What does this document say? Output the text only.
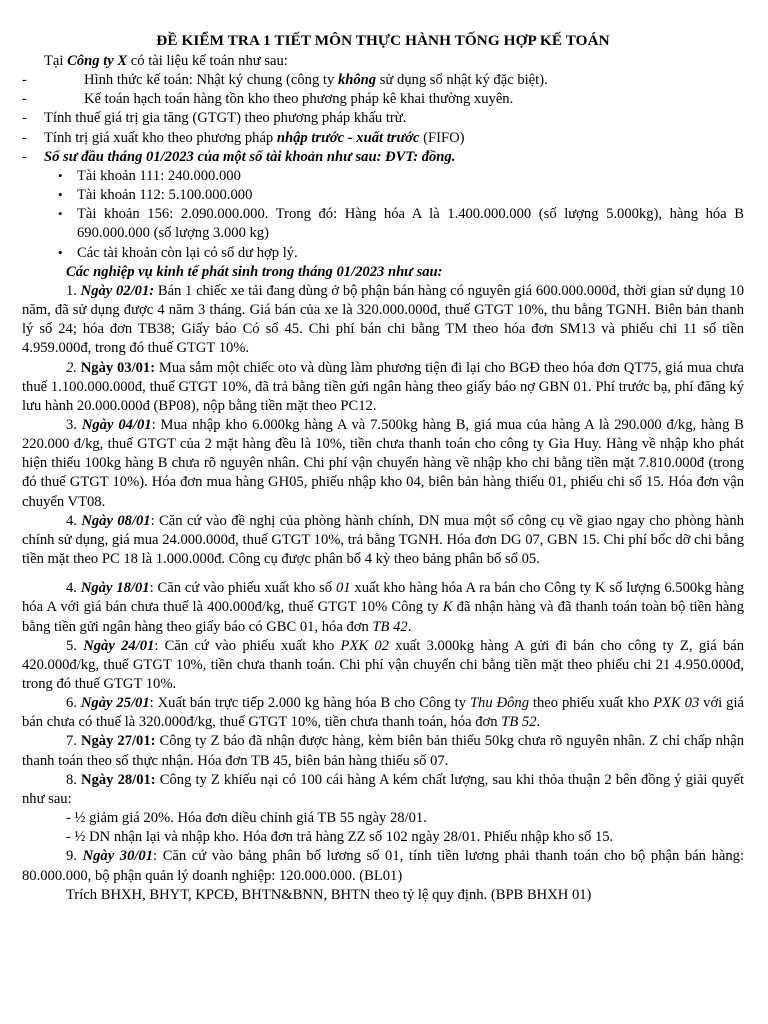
ĐỀ KIỂM TRA 1 TIẾT MÔN THỰC HÀNH TỐNG HỢP KẾ TOÁN

Tại Công ty X có tài liệu kế toán như sau:

-	Hình thức kế toán: Nhật ký chung (công ty không sử dụng sổ nhật ký đặc biệt).

-	Kế toán hạch toán hàng tồn kho theo phương pháp kê khai thường xuyên.

- Tính thuế giá trị gia tăng (GTGT) theo phương pháp khấu trừ.

- Tính trị giá xuất kho theo phương pháp nhập trước - xuất trước (FIFO)

- Số sư đầu tháng 01/2023 của một số tài khoản như sau: ĐVT: đồng.

• Tài khoản 111: 240.000.000

• Tài khoản 112: 5.100.000.000

• Tài khoản 156: 2.090.000.000. Trong đó: Hàng hóa A là 1.400.000.000 (số lượng 5.000kg), hàng hóa B 690.000.000 (số lượng 3.000 kg)

• Các tài khoản còn lại có số dư hợp lý.

Các nghiệp vụ kinh tế phát sinh trong tháng 01/2023 như sau:

1. Ngày 02/01: Bán 1 chiếc xe tải đang dùng ở bộ phận bán hàng có nguyên giá 600.000.000đ, thời gian sử dụng 10 năm, đã sử dụng được 4 năm 3 tháng. Giá bán của xe là 320.000.000đ, thuế GTGT 10%, thu bằng TGNH. Biên bản thanh lý số 24; hóa đơn TB38; Giấy báo Có số 45. Chi phí bán chi bằng TM theo hóa đơn SM13 và phiếu chi 11 số tiền 4.959.000đ, trong đó thuế GTGT 10%.

2. Ngày 03/01: Mua sắm một chiếc oto và dùng làm phương tiện đi lại cho BGĐ theo hóa đơn QT75, giá mua chưa thuế 1.100.000.000đ, thuế GTGT 10%, đã trả bằng tiền gửi ngân hàng theo giấy báo nợ GBN 01. Phí trước bạ, phí đăng ký lưu hành 20.000.000đ (BP08), nộp bằng tiền mặt theo PC12.

3. Ngày 04/01: Mua nhập kho 6.000kg hàng A và 7.500kg hàng B, giá mua của hàng A là 290.000 đ/kg, hàng B 220.000 đ/kg, thuế GTGT của 2 mặt hàng đều là 10%, tiền chưa thanh toán cho công ty Gia Huy. Hàng về nhập kho phát hiện thiếu 100kg hàng B chưa rõ nguyên nhân. Chi phí vận chuyển hàng về nhập kho chi bằng tiền mặt 7.810.000đ (trong đó thuế GTGT 10%). Hóa đơn mua hàng GH05, phiếu nhập kho 04, biên bản hàng thiếu 01, phiếu chi số 15. Hóa đơn vận chuyển VT08.

4. Ngày 08/01: Căn cứ vào đề nghị của phòng hành chính, DN mua một số công cụ về giao ngay cho phòng hành chính sử dụng, giá mua 24.000.000đ, thuế GTGT 10%, trả bằng TGNH. Hóa đơn DG 07, GBN 15. Chi phí bốc dỡ chi bằng tiền mặt theo PC 18 là 1.000.000đ. Công cụ được phân bổ 4 kỳ theo bảng phân bố số 05.

4. Ngày 18/01: Căn cứ vào phiếu xuất kho số 01 xuất kho hàng hóa A ra bán cho Công ty K số lượng 6.500kg hàng hóa A với giá bán chưa thuế là 400.000đ/kg, thuế GTGT 10% Công ty K đã nhận hàng và đã thanh toán toàn bộ tiền hàng bằng tiền gửi ngân hàng theo giấy báo có GBC 01, hóa đơn TB 42.

5. Ngày 24/01: Căn cứ vào phiếu xuất kho PXK 02 xuất 3.000kg hàng A gửi đi bán cho công ty Z, giá bán 420.000đ/kg, thuế GTGT 10%, tiền chưa thanh toán. Chi phí vận chuyển chi bằng tiền mặt theo phiếu chi 21 4.950.000đ, trong đó thuế GTGT 10%.

6. Ngày 25/01: Xuất bán trực tiếp 2.000 kg hàng hóa B cho Công ty Thu Đông theo phiếu xuất kho PXK 03 với giá bán chưa có thuế là 320.000đ/kg, thuế GTGT 10%, tiền chưa thanh toán, hóa đơn TB 52.

7. Ngày 27/01: Công ty Z báo đã nhận được hàng, kèm biên bản thiếu 50kg chưa rõ nguyên nhân. Z chỉ chấp nhận thanh toán theo số thực nhận. Hóa đơn TB 45, biên bản hàng thiếu số 07.

8. Ngày 28/01: Công ty Z khiếu nại có 100 cái hàng A kém chất lượng, sau khi thỏa thuận 2 bên đồng ý giải quyết như sau:

- ½ giảm giá 20%. Hóa đơn diều chỉnh giá TB 55 ngày 28/01.

- ½ DN nhận lại và nhập kho. Hóa đơn trả hàng ZZ số 102 ngày 28/01. Phiếu nhập kho số 15.

9. Ngày 30/01: Căn cứ vào bảng phân bố lương số 01, tính tiền lương phải thanh toán cho bộ phận bán hàng: 80.000.000, bộ phận quản lý doanh nghiệp: 120.000.000. (BL01)

Trích BHXH, BHYT, KPCĐ, BHTN&BNN, BHTN theo tỷ lệ quy định. (BPB BHXH 01)
